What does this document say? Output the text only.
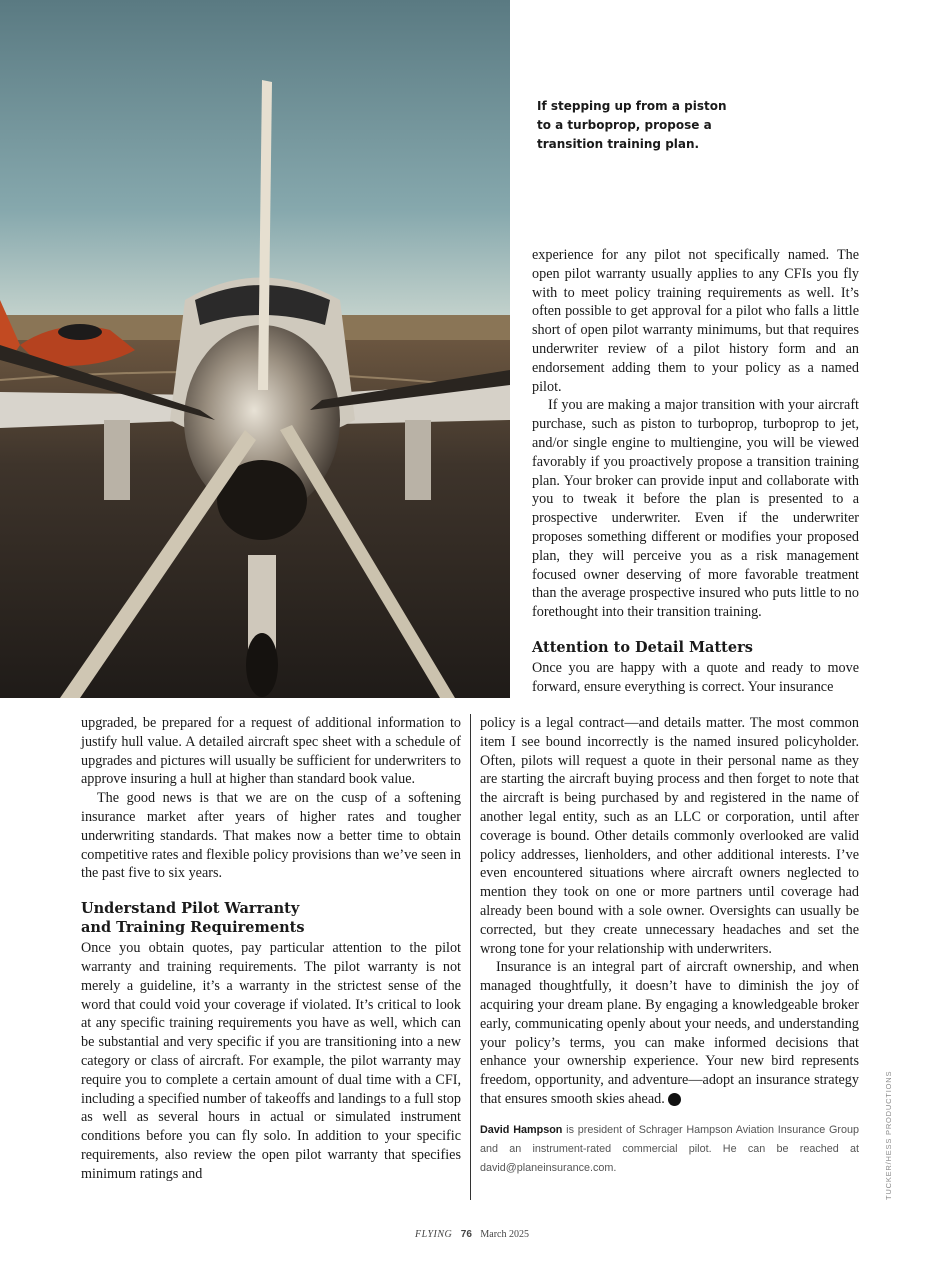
If stepping up from a piston to a turboprop, propose a transition training plan.

experience for any pilot not specifically named. The open pilot warranty usually applies to any CFIs you fly with to meet policy training requirements as well. It’s often possible to get approval for a pilot who falls a little short of open pilot warranty minimums, but that requires underwriter review of a pilot history form and an endorsement adding them to your policy as a named pilot.

If you are making a major transition with your aircraft purchase, such as piston to turboprop, turboprop to jet, and/or single engine to multiengine, you will be viewed favorably if you proactively propose a transition training plan. Your broker can provide input and collaborate with you to tweak it before the plan is presented to a prospective underwriter. Even if the underwriter proposes something different or modifies your proposed plan, they will perceive you as a risk management focused owner deserving of more favorable treatment than the average prospective insured who puts little to no forethought into their transition training.

Attention to Detail Matters

Once you are happy with a quote and ready to move forward, ensure everything is correct. Your insurance

upgraded, be prepared for a request of additional information to justify hull value. A detailed aircraft spec sheet with a schedule of upgrades and pictures will usually be sufficient for underwriters to approve insuring a hull at higher than standard book value.

The good news is that we are on the cusp of a softening insurance market after years of higher rates and tougher underwriting standards. That makes now a better time to obtain competitive rates and flexible policy provisions than we’ve seen in the past five to six years.

Understand Pilot Warranty
and Training Requirements

Once you obtain quotes, pay particular attention to the pilot warranty and training requirements. The pilot warranty is not merely a guideline, it’s a warranty in the strictest sense of the word that could void your coverage if violated. It’s critical to look at any specific training requirements you have as well, which can be substantial and very specific if you are transitioning into a new category or class of aircraft. For example, the pilot warranty may require you to complete a certain amount of dual time with a CFI, including a specified number of takeoffs and landings to a full stop as well as several hours in actual or simulated instrument conditions before you can fly solo. In addition to your specific requirements, also review the open pilot warranty that specifies minimum ratings and

policy is a legal contract—and details matter. The most common item I see bound incorrectly is the named insured policyholder. Often, pilots will request a quote in their personal name as they are starting the aircraft buying process and then forget to note that the aircraft is being purchased by and registered in the name of another legal entity, such as an LLC or corporation, until after coverage is bound. Other details commonly overlooked are valid policy addresses, lienholders, and other additional interests. I’ve even encountered situations where aircraft owners neglected to mention they took on one or more partners until coverage had already been bound with a sole owner. Oversights can usually be corrected, but they create unnecessary headaches and set the wrong tone for your relationship with underwriters.

Insurance is an integral part of aircraft ownership, and when managed thoughtfully, it doesn’t have to diminish the joy of acquiring your dream plane. By engaging a knowledgeable broker early, communicating openly about your needs, and understanding your policy’s terms, you can make informed decisions that enhance your ownership experience. Your new bird represents freedom, opportunity, and adventure—adopt an insurance strategy that ensures smooth skies ahead. F

David Hampson is president of Schrager Hampson Aviation Insurance Group and an instrument-rated commercial pilot. He can be reached at david@planeinsurance.com.	TUCKER/HESS PRODUCTIONS
FLYING 76 March 2025
